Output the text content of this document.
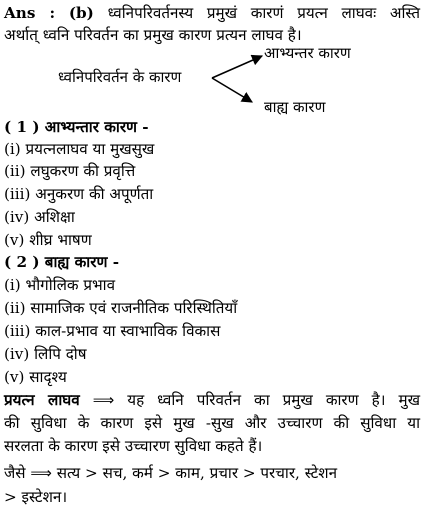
Ans : (b) ध्वनिपरिवर्तनस्य प्रमुखं कारणं प्रयत्न लाघवः अस्ति
अर्थात् ध्वनि परिवर्तन का प्रमुख कारण प्रत्यन लाघव है।
ध्वनिपरिवर्तन के कारण
आभ्यन्तर कारण
बाह्य कारण
( 1 ) आभ्यन्तार कारण -
(i) प्रयत्नलाघव या मुखसुख
(ii) लघुकरण की प्रवृत्ति
(iii) अनुकरण की अपूर्णता
(iv) अशिक्षा
(v) शीघ्र भाषण
( 2 ) बाह्य कारण -
(i) भौगोलिक प्रभाव
(ii) सामाजिक एवं राजनीतिक परिस्थितियाँ
(iii) काल-प्रभाव या स्वाभाविक विकास
(iv) लिपि दोष
(v) सादृश्य
प्रयत्न लाघव ⟹ यह ध्वनि परिवर्तन का प्रमुख कारण है। मुख
की सुविधा के कारण इसे मुख -सुख और उच्चारण की सुविधा या
सरलता के कारण इसे उच्चारण सुविधा कहते हैं।
जैसे ⟹ सत्य > सच, कर्म > काम, प्रचार > परचार, स्टेशन
> इस्टेशन।
